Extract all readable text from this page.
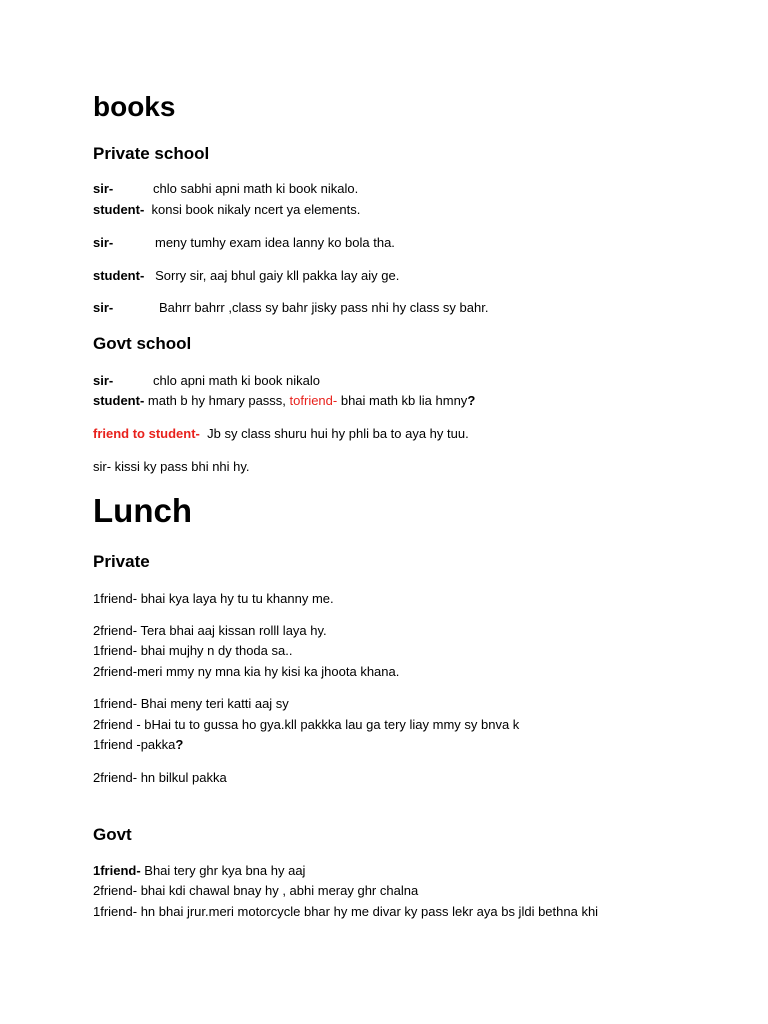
books
Private school
sir-	chlo sabhi apni math ki book nikalo.
student- konsi book nikaly ncert ya elements.
sir-	meny tumhy exam idea lanny ko bola tha.
student- Sorry sir, aaj bhul gaiy kll pakka lay aiy ge.
sir-	Bahrr bahrr ,class sy bahr jisky pass nhi hy class sy bahr.
Govt school
sir-	chlo apni math ki book nikalo
student- math b hy hmary passs, tofriend- bhai math kb lia hmny?
friend to student- Jb sy class shuru hui hy phli ba to aya hy tuu.
sir- kissi ky pass bhi nhi hy.
Lunch
Private
1friend- bhai kya laya hy tu tu khanny me.
2friend- Tera bhai aaj kissan rolll laya hy.
1friend- bhai mujhy n dy thoda sa..
2friend-meri mmy ny mna kia hy kisi ka jhoota khana.
1friend- Bhai meny teri katti aaj sy
2friend - bHai tu to gussa ho gya.kll pakkka lau ga tery liay mmy sy bnva k
1friend -pakka?
2friend- hn bilkul pakka
Govt
1friend- Bhai tery ghr kya bna hy aaj
2friend- bhai kdi chawal bnay hy , abhi meray ghr chalna
1friend- hn bhai jrur.meri motorcycle bhar hy me divar ky pass lekr aya bs jldi bethna khi
